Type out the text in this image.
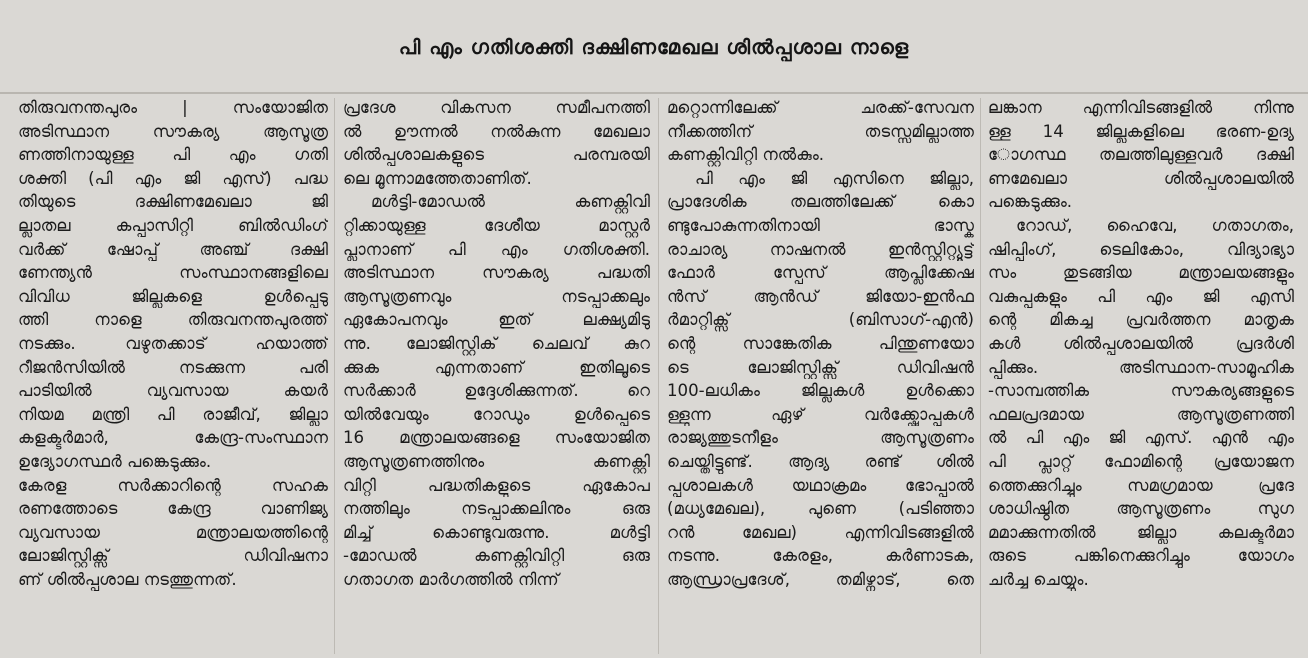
പി എം ഗതിശക്തി ദക്ഷിണമേഖല ശിൽപ്പശാല നാളെ
തിരുവനന്തപുരം | സംയോജിത
അടിസ്ഥാന സൗകര്യ ആസൂത്ര
ണത്തിനായുള്ള പി എം ഗതി
ശക്തി (പി എം ജി എസ്) പദ്ധ
തിയുടെ ദക്ഷിണമേഖലാ ജി
ല്ലാതല കപ്പാസിറ്റി ബിൽഡിംഗ്
വർക്ക് ഷോപ്പ് അഞ്ച് ദക്ഷി
ണേന്ത്യൻ സംസ്ഥാനങ്ങളിലെ
വിവിധ ജില്ലകളെ ഉൾപ്പെടു
ത്തി നാളെ തിരുവനന്തപുരത്ത്
നടക്കും. വഴുതക്കാട് ഹയാത്ത്
റീജൻസിയിൽ നടക്കുന്ന പരി
പാടിയിൽ വ്യവസായ കയർ
നിയമ മന്ത്രി പി രാജീവ്, ജില്ലാ
കളക്ടർമാർ, കേന്ദ്ര-സംസ്ഥാന
ഉദ്യോഗസ്ഥർ പങ്കെടുക്കും.
കേരള സർക്കാറിന്റെ സഹക
രണത്തോടെ കേന്ദ്ര വാണിജ്യ
വ്യവസായ മന്ത്രാലയത്തിന്റെ
ലോജിസ്റ്റിക്സ് ഡിവിഷനാ
ണ് ശിൽപ്പശാല നടത്തുന്നത്.
പ്രദേശ വികസന സമീപനത്തി
ൽ ഊന്നൽ നൽകുന്ന മേഖലാ
ശിൽപ്പശാലകളുടെ പരമ്പരയി
ലെ മൂന്നാമത്തേതാണിത്.
മൾട്ടി-മോഡൽ കണക്റ്റിവി
റ്റിക്കായുള്ള ദേശീയ മാസ്റ്റർ
പ്ലാനാണ് പി എം ഗതിശക്തി.
അടിസ്ഥാന സൗകര്യ പദ്ധതി
ആസൂത്രണവും നടപ്പാക്കലും
ഏകോപനവും ഇത് ലക്ഷ്യമിടു
ന്നു. ലോജിസ്റ്റിക് ചെലവ് കുറ
ക്കുക എന്നതാണ് ഇതിലൂടെ
സർക്കാർ ഉദ്ദേശിക്കുന്നത്. റെ
യിൽവേയും റോഡും ഉൾപ്പെടെ
16 മന്ത്രാലയങ്ങളെ സംയോജിത
ആസൂത്രണത്തിനും കണക്റ്റി
വിറ്റി പദ്ധതികളുടെ ഏകോപ
നത്തിലും നടപ്പാക്കലിനും ഒരു
മിച്ച് കൊണ്ടുവരുന്നു. മൾട്ടി
-മോഡൽ കണക്റ്റിവിറ്റി ഒരു
ഗതാഗത മാർഗത്തിൽ നിന്ന്
മറ്റൊന്നിലേക്ക് ചരക്ക്-സേവന
നീക്കത്തിന് തടസ്സമില്ലാത്ത
കണക്റ്റിവിറ്റി നൽകും.
പി എം ജി എസിനെ ജില്ലാ,
പ്രാദേശിക തലത്തിലേക്ക് കൊ
ണ്ടുപോകുന്നതിനായി ഭാസ്ക
രാചാര്യ നാഷനൽ ഇൻസ്റ്റിറ്റ്യൂട്ട്
ഫോർ സ്പേസ് ആപ്ലിക്കേഷ
ൻസ് ആൻഡ് ജിയോ-ഇൻഫ
ർമാറ്റിക്സ് (ബിസാഗ്-എൻ)
ന്റെ സാങ്കേതിക പിന്തുണയോ
ടെ ലോജിസ്റ്റിക്സ് ഡിവിഷൻ
100-ലധികം ജില്ലകൾ ഉൾക്കൊ
ള്ളുന്ന ഏഴ് വർക്ക്ഷോപ്പുകൾ
രാജ്യത്തുടനീളം ആസൂത്രണം
ചെയ്തിട്ടുണ്ട്. ആദ്യ രണ്ട് ശിൽ
പ്പശാലകൾ യഥാക്രമം ഭോപ്പാൽ
(മധ്യമേഖല), പുണെ (പടിഞ്ഞാ
റൻ മേഖല) എന്നിവിടങ്ങളിൽ
നടന്നു. കേരളം, കർണാടക,
ആന്ധ്രാപ്രദേശ്, തമിഴ്നാട്, തെ
ലങ്കാന എന്നിവിടങ്ങളിൽ നിന്നു
ള്ള 14 ജില്ലകളിലെ ഭരണ-ഉദ്യ
ോഗസ്ഥ തലത്തിലുള്ളവർ ദക്ഷി
ണമേഖലാ ശിൽപ്പശാലയിൽ
പങ്കെടുക്കും.
റോഡ്, ഹൈവേ, ഗതാഗതം,
ഷിപ്പിംഗ്, ടെലികോം, വിദ്യാഭ്യാ
സം തുടങ്ങിയ മന്ത്രാലയങ്ങളും
വകുപ്പുകളും പി എം ജി എസി
ന്റെ മികച്ച പ്രവർത്തന മാതൃക
കൾ ശിൽപ്പശാലയിൽ പ്രദർശി
പ്പിക്കും. അടിസ്ഥാന-സാമൂഹിക
-സാമ്പത്തിക സൗകര്യങ്ങളുടെ
ഫലപ്രദമായ ആസൂത്രണത്തി
ൽ പി എം ജി എസ്. എൻ എം
പി പ്ലാറ്റ് ഫോമിന്റെ പ്രയോജന
ത്തെക്കുറിച്ചും സമഗ്രമായ പ്രദേ
ശാധിഷ്ഠിത ആസൂത്രണം സുഗ
മമാക്കുന്നതിൽ ജില്ലാ കലക്ടർമാ
രുടെ പങ്കിനെക്കുറിച്ചും യോഗം
ചർച്ച ചെയ്യും.
